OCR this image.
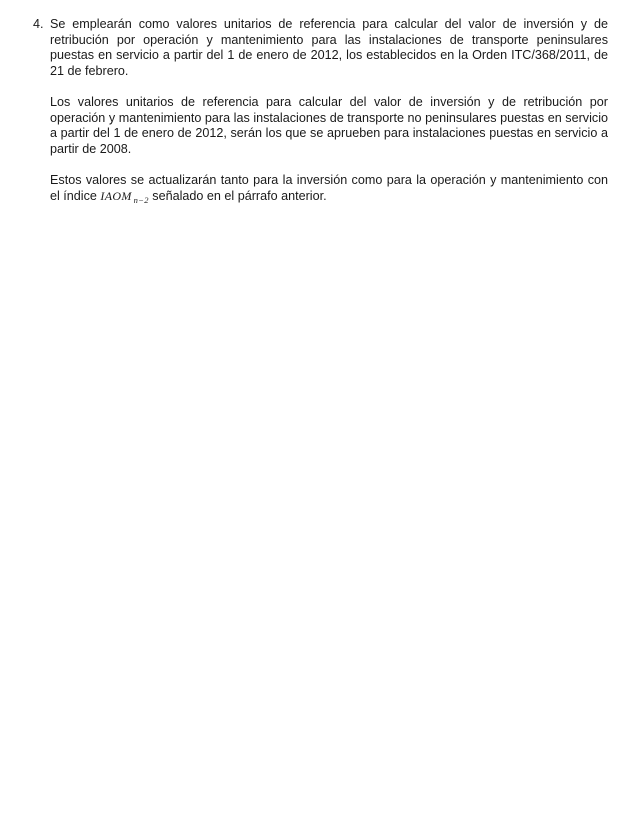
4. Se emplearán como valores unitarios de referencia para calcular del valor de inversión y de retribución por operación y mantenimiento para las instalaciones de transporte peninsulares puestas en servicio a partir del 1 de enero de 2012, los establecidos en la Orden ITC/368/2011, de 21 de febrero.

Los valores unitarios de referencia para calcular del valor de inversión y de retribución por operación y mantenimiento para las instalaciones de transporte no peninsulares puestas en servicio a partir del 1 de enero de 2012, serán los que se aprueben para instalaciones puestas en servicio a partir de 2008.

Estos valores se actualizarán tanto para la inversión como para la operación y mantenimiento con el índice IAOM $_{n-2}$ señalado en el párrafo anterior.
